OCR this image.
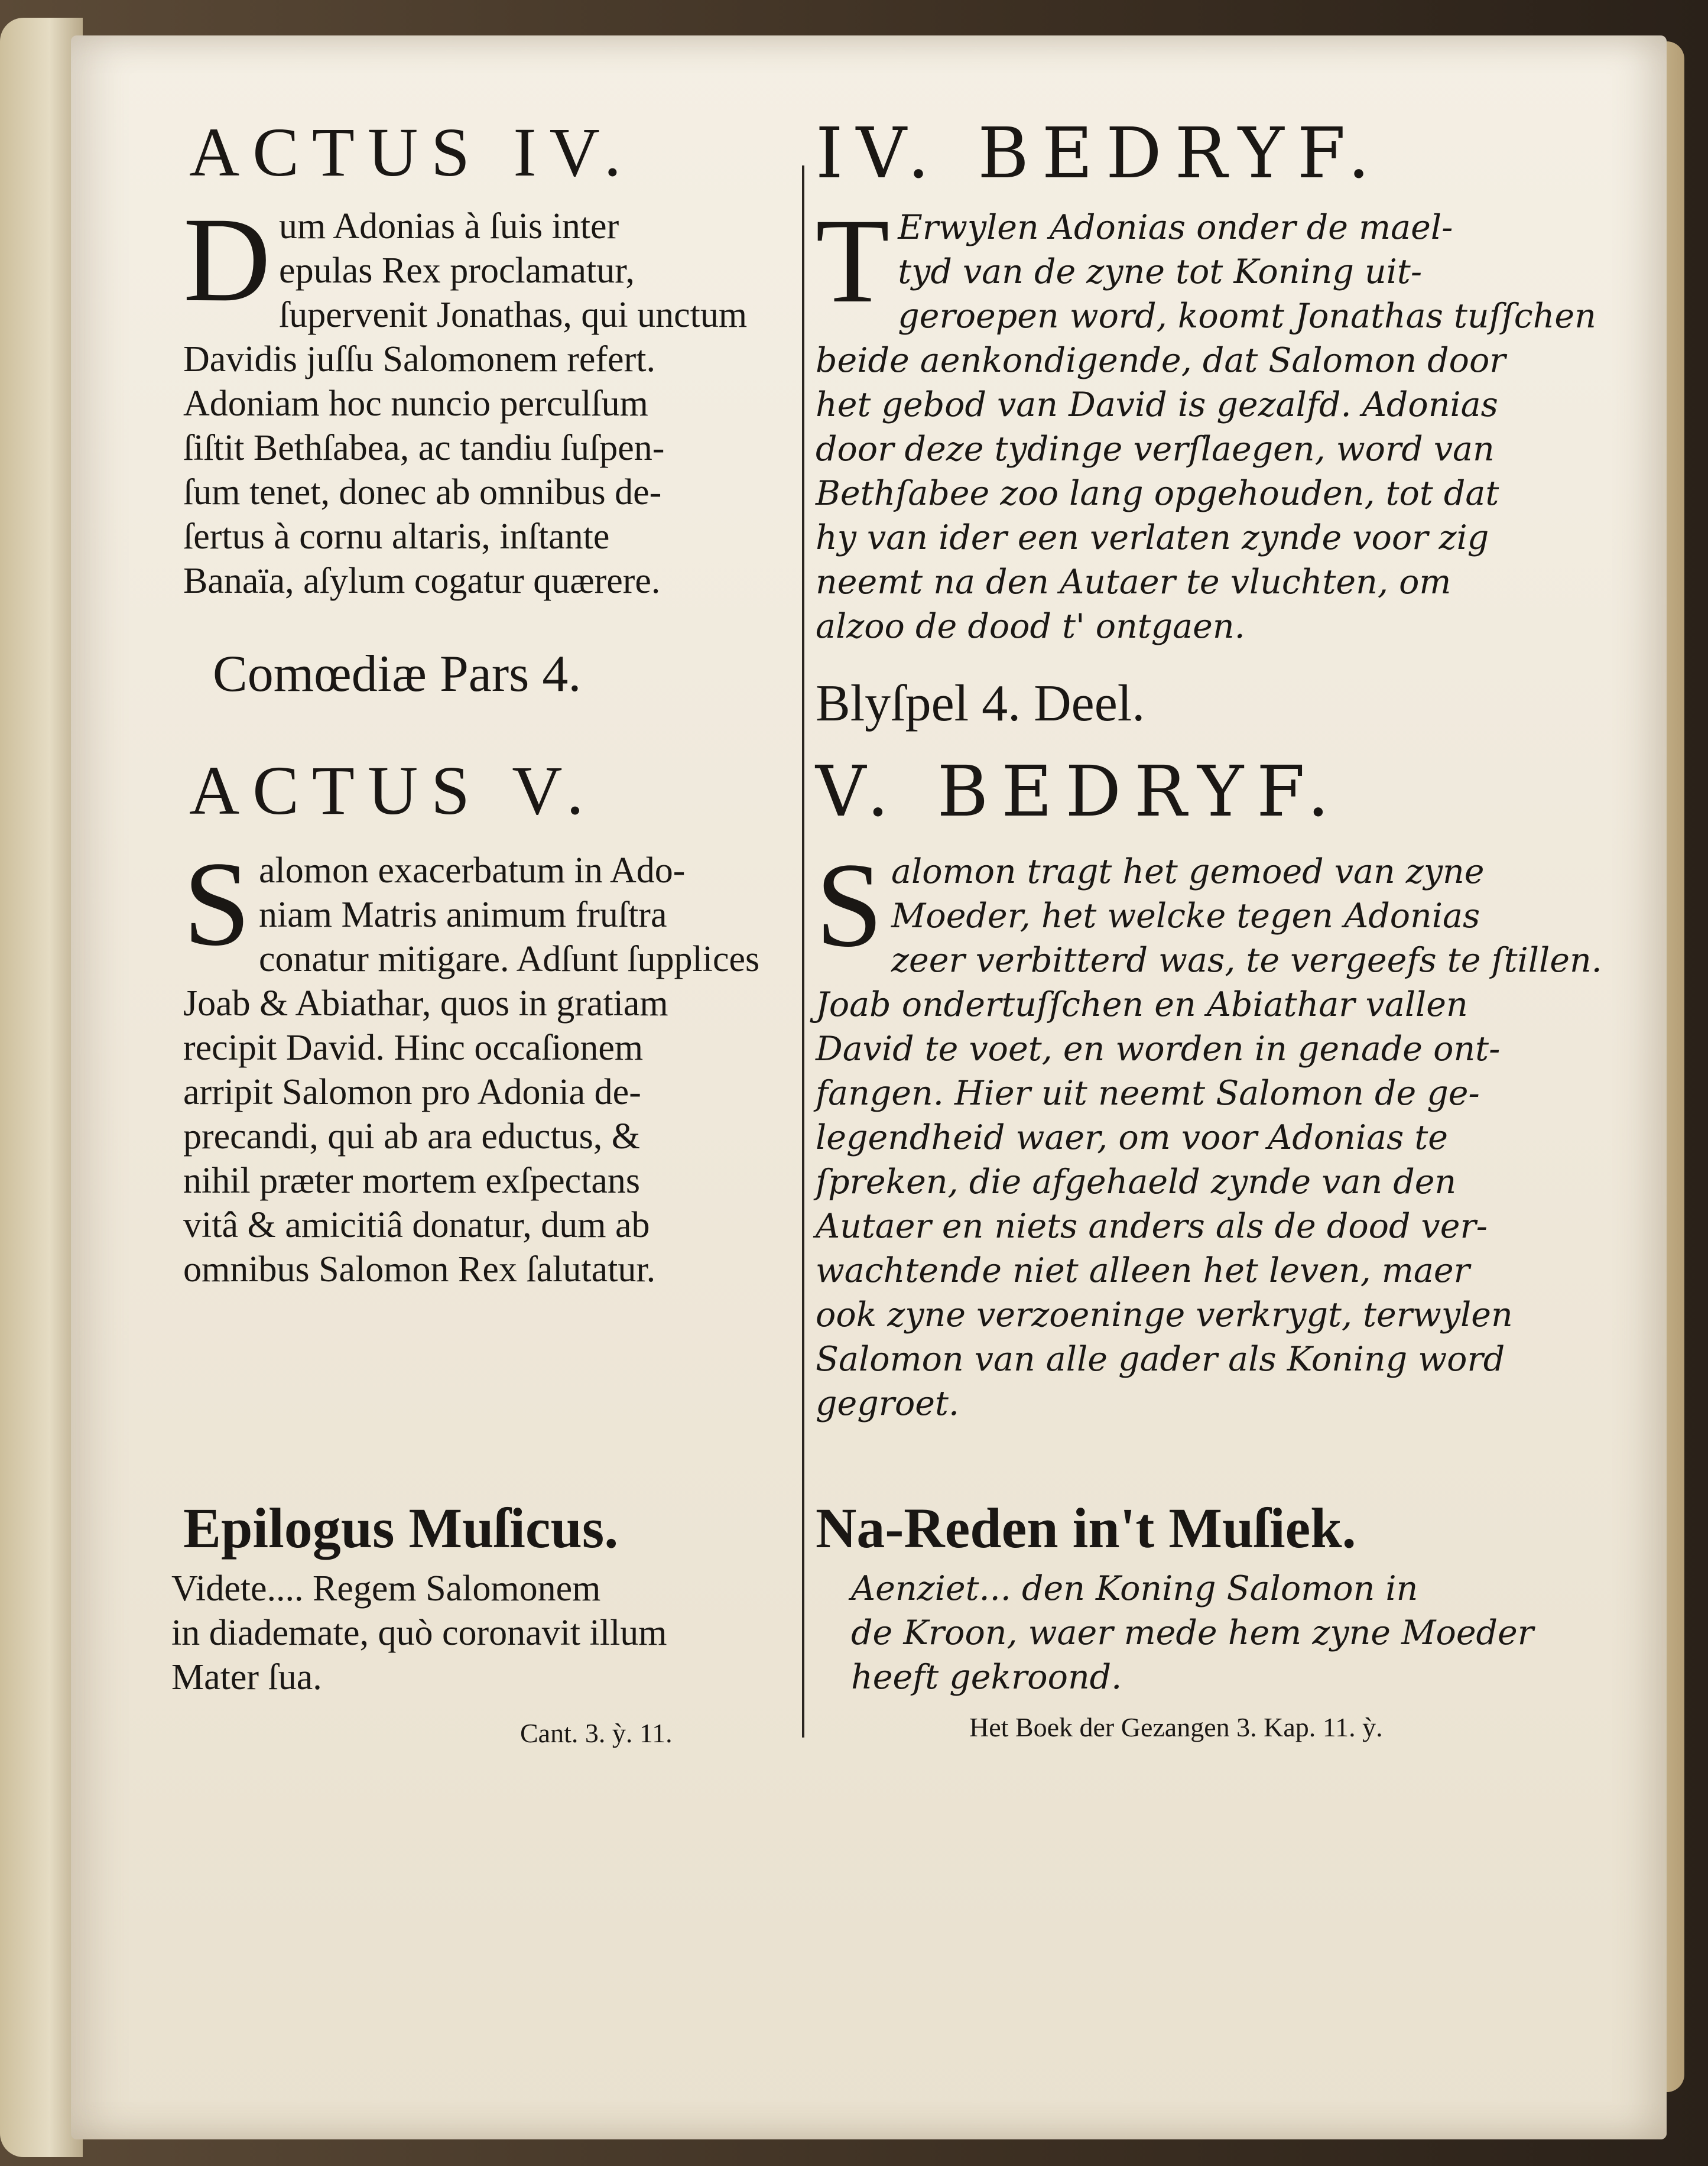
ACTUS IV.
D um Adonias à ſuis inter
epulas Rex proclamatur,
ſupervenit Jonathas, qui unctum
Davidis juſſu Salomonem refert.
Adoniam hoc nuncio perculſum
ſiſtit Bethſabea, ac tandiu ſuſpen-
ſum tenet, donec ab omnibus de-
ſertus à cornu altaris, inſtante
Banaïa, aſylum cogatur quærere.
Comœdiæ Pars 4.
ACTUS V.
S alomon exacerbatum in Ado-
niam Matris animum fruſtra
conatur mitigare. Adſunt ſupplices
Joab & Abiathar, quos in gratiam
recipit David. Hinc occaſionem
arripit Salomon pro Adonia de-
precandi, qui ab ara eductus, &
nihil præter mortem exſpectans
vitâ & amicitiâ donatur, dum ab
omnibus Salomon Rex ſalutatur.
Epilogus Muſicus.
Videte.... Regem Salomonem
in diademate, quò coronavit illum
Mater ſua.
Cant. 3. ỳ. 11.
IV. BEDRYF.
T Erwylen Adonias onder de mael-
tyd van de zyne tot Koning uit-
geroepen word, koomt Jonathas tuſſchen
beide aenkondigende, dat Salomon door
het gebod van David is gezalfd. Adonias
door deze tydinge verſlaegen, word van
Bethſabee zoo lang opgehouden, tot dat
hy van ider een verlaten zynde voor zig
neemt na den Autaer te vluchten, om
alzoo de dood t' ontgaen.
Blyſpel 4. Deel.
V. BEDRYF.
S alomon tragt het gemoed van zyne
Moeder, het welcke tegen Adonias
zeer verbitterd was, te vergeefs te ſtillen.
Joab ondertuſſchen en Abiathar vallen
David te voet, en worden in genade ont-
fangen. Hier uit neemt Salomon de ge-
legendheid waer, om voor Adonias te
ſpreken, die afgehaeld zynde van den
Autaer en niets anders als de dood ver-
wachtende niet alleen het leven, maer
ook zyne verzoeninge verkrygt, terwylen
Salomon van alle gader als Koning word
gegroet.
Na-Reden in't Muſiek.
Aenziet... den Koning Salomon in
de Kroon, waer mede hem zyne Moeder
heeft gekroond.
Het Boek der Gezangen 3. Kap. 11. ỳ.
